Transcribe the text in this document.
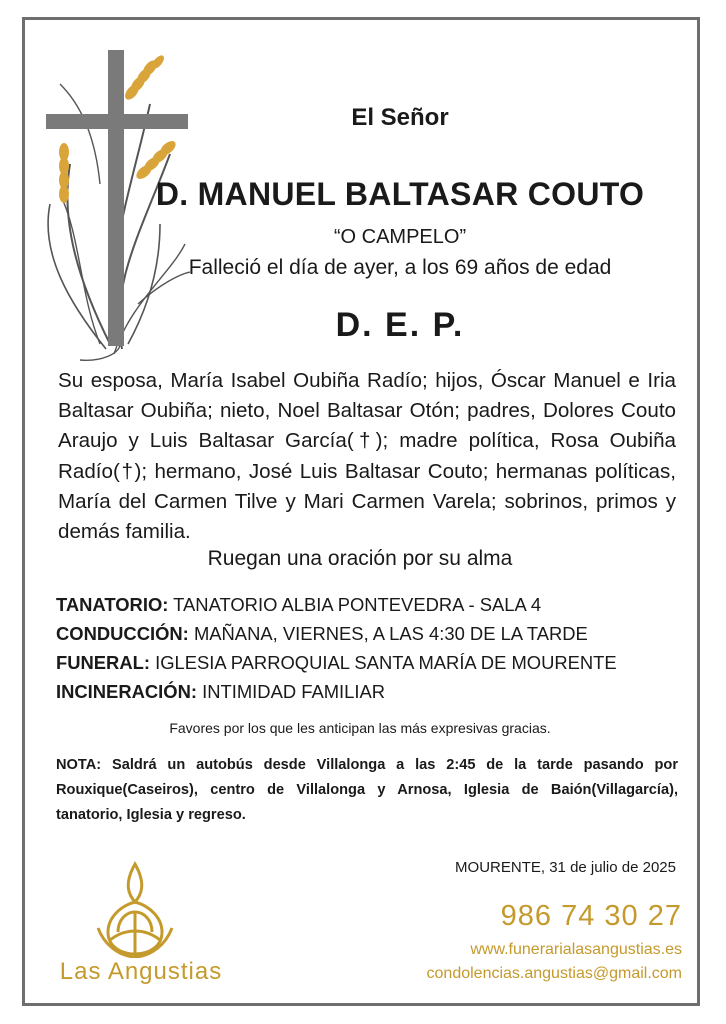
El Señor
D. MANUEL BALTASAR COUTO
“O CAMPELO”
Falleció el día de ayer, a los 69 años de edad
D. E. P.
Su esposa, María Isabel Oubiña Radío; hijos, Óscar Manuel e Iria Baltasar Oubiña; nieto, Noel Baltasar Otón; padres, Dolores Couto Araujo y Luis Baltasar García(†); madre política, Rosa Oubiña Radío(†); hermano, José Luis Baltasar Couto; hermanas políticas, María del Carmen Tilve y Mari Carmen Varela; sobrinos, primos y demás familia.
Ruegan una oración por su alma
TANATORIO: TANATORIO ALBIA PONTEVEDRA - SALA 4
CONDUCCIÓN: MAÑANA, VIERNES, A LAS 4:30 DE LA TARDE
FUNERAL: IGLESIA PARROQUIAL SANTA MARÍA DE MOURENTE
INCINERACIÓN: INTIMIDAD FAMILIAR
Favores por los que les anticipan las más expresivas gracias.
NOTA: Saldrá un autobús desde Villalonga a las 2:45 de la tarde pasando por Rouxique(Caseiros), centro de Villalonga y Arnosa, Iglesia de Baión(Villagarcía), tanatorio, Iglesia y regreso.
MOURENTE, 31 de julio de 2025
Las Angustias
986 74 30 27
www.funerarialasangustias.es
condolencias.angustias@gmail.com
